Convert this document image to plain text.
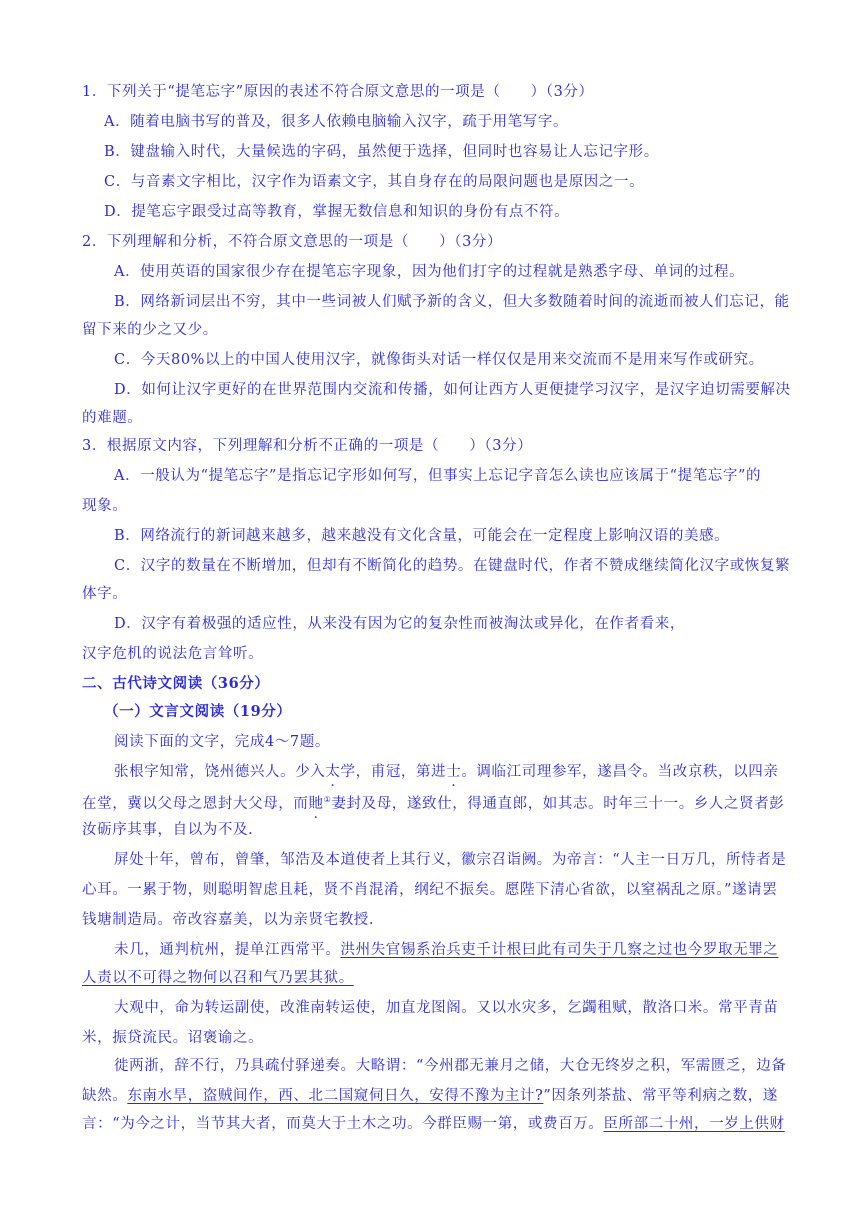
1．下列关于“提笔忘字”原因的表述不符合原文意思的一项是（　　）（3分）
A．随着电脑书写的普及，很多人依赖电脑输入汉字，疏于用笔写字。
B．键盘输入时代，大量候选的字码，虽然便于选择，但同时也容易让人忘记字形。
C．与音素文字相比，汉字作为语素文字，其自身存在的局限问题也是原因之一。
D．提笔忘字跟受过高等教育，掌握无数信息和知识的身份有点不符。
2．下列理解和分析，不符合原文意思的一项是（　　）（3分）
A．使用英语的国家很少存在提笔忘字现象，因为他们打字的过程就是熟悉字母、单词的过程。
B．网络新词层出不穷，其中一些词被人们赋予新的含义，但大多数随着时间的流逝而被人们忘记，能
留下来的少之又少。
C．今天80%以上的中国人使用汉字，就像街头对话一样仅仅是用来交流而不是用来写作或研究。
D．如何让汉字更好的在世界范围内交流和传播，如何让西方人更便捷学习汉字，是汉字迫切需要解决
的难题。
3．根据原文内容，下列理解和分析不正确的一项是（　　）（3分）
A．一般认为“提笔忘字”是指忘记字形如何写，但事实上忘记字音怎么读也应该属于“提笔忘字”的
现象。
B．网络流行的新词越来越多，越来越没有文化含量，可能会在一定程度上影响汉语的美感。
C．汉字的数量在不断增加，但却有不断简化的趋势。在键盘时代，作者不赞成继续简化汉字或恢复繁
体字。
D．汉字有着极强的适应性，从来没有因为它的复杂性而被淘汰或异化，在作者看来，
汉字危机的说法危言耸听。
二、古代诗文阅读（36分）
（一）文言文阅读（19分）
阅读下面的文字，完成4～7题。
张根字知常，饶州德兴人。少入太学，甫冠，第进士。调临江司理参军，遂昌令。当改京秩，以四亲
在堂，冀以父母之恩封大父母，而貤①妻封及母，遂致仕，得通直郎，如其志。时年三十一。乡人之贤者彭
汝砺序其事，自以为不及.
屏处十年，曾布，曾肇，邹浩及本道使者上其行义，徽宗召诣阙。为帝言：“人主一日万几，所恃者是
心耳。一累于物，则聪明智虑且耗，贤不肖混淆，纲纪不振矣。愿陛下清心省欲，以窒祸乱之原。”遂请罢
钱塘制造局。帝改容嘉美，以为亲贤宅教授.
未几，通判杭州，提单江西常平。洪州失官锡系治兵吏千计根曰此有司失于几察之过也今罗取无罪之
人责以不可得之物何以召和气乃罢其狱。
大观中，命为转运副使，改淮南转运使，加直龙图阁。又以水灾多，乞蠲租赋，散洛口米。常平青苗
米，振贷流民。诏褒谕之。
徙两浙，辞不行，乃具疏付驿递奏。大略谓：“今州郡无兼月之储，大仓无终岁之积，军需匮乏，边备
缺然。东南水旱，盗贼间作，西、北二国窥伺日久，安得不豫为主计?”因条列茶盐、常平等利病之数，遂
言：“为今之计，当节其大者，而莫大于土木之功。今群臣赐一第，或费百万。臣所部二十州，一岁上供财
